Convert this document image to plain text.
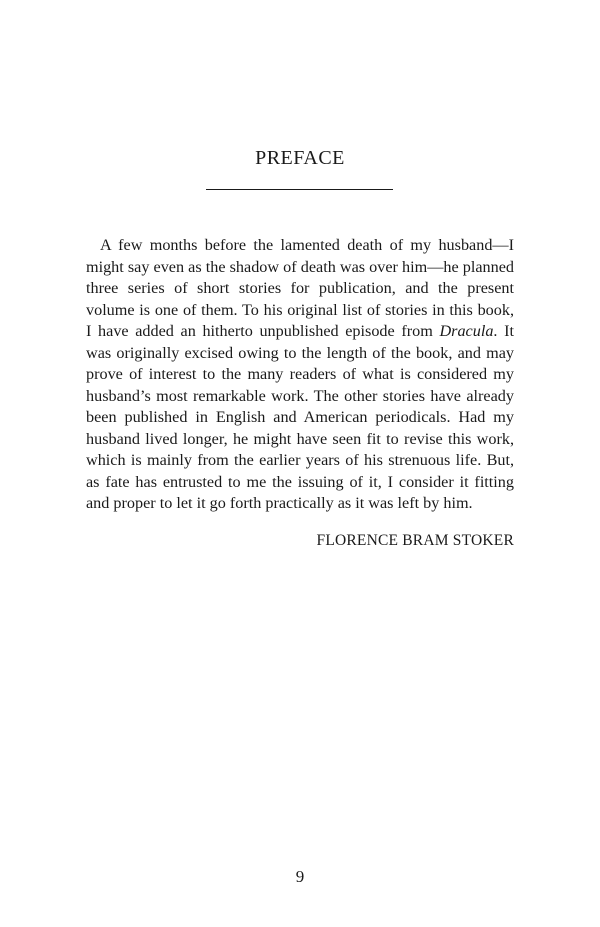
PREFACE

A few months before the lamented death of my husband—I might say even as the shadow of death was over him—he planned three series of short stories for publication, and the present volume is one of them. To his original list of stories in this book, I have added an hitherto unpublished episode from Dracula. It was originally excised owing to the length of the book, and may prove of interest to the many readers of what is considered my husband’s most remarkable work. The other stories have already been published in English and American periodicals. Had my husband lived longer, he might have seen fit to revise this work, which is mainly from the earlier years of his strenuous life. But, as fate has entrusted to me the issuing of it, I consider it fitting and proper to let it go forth practically as it was left by him.

FLORENCE BRAM STOKER
9
